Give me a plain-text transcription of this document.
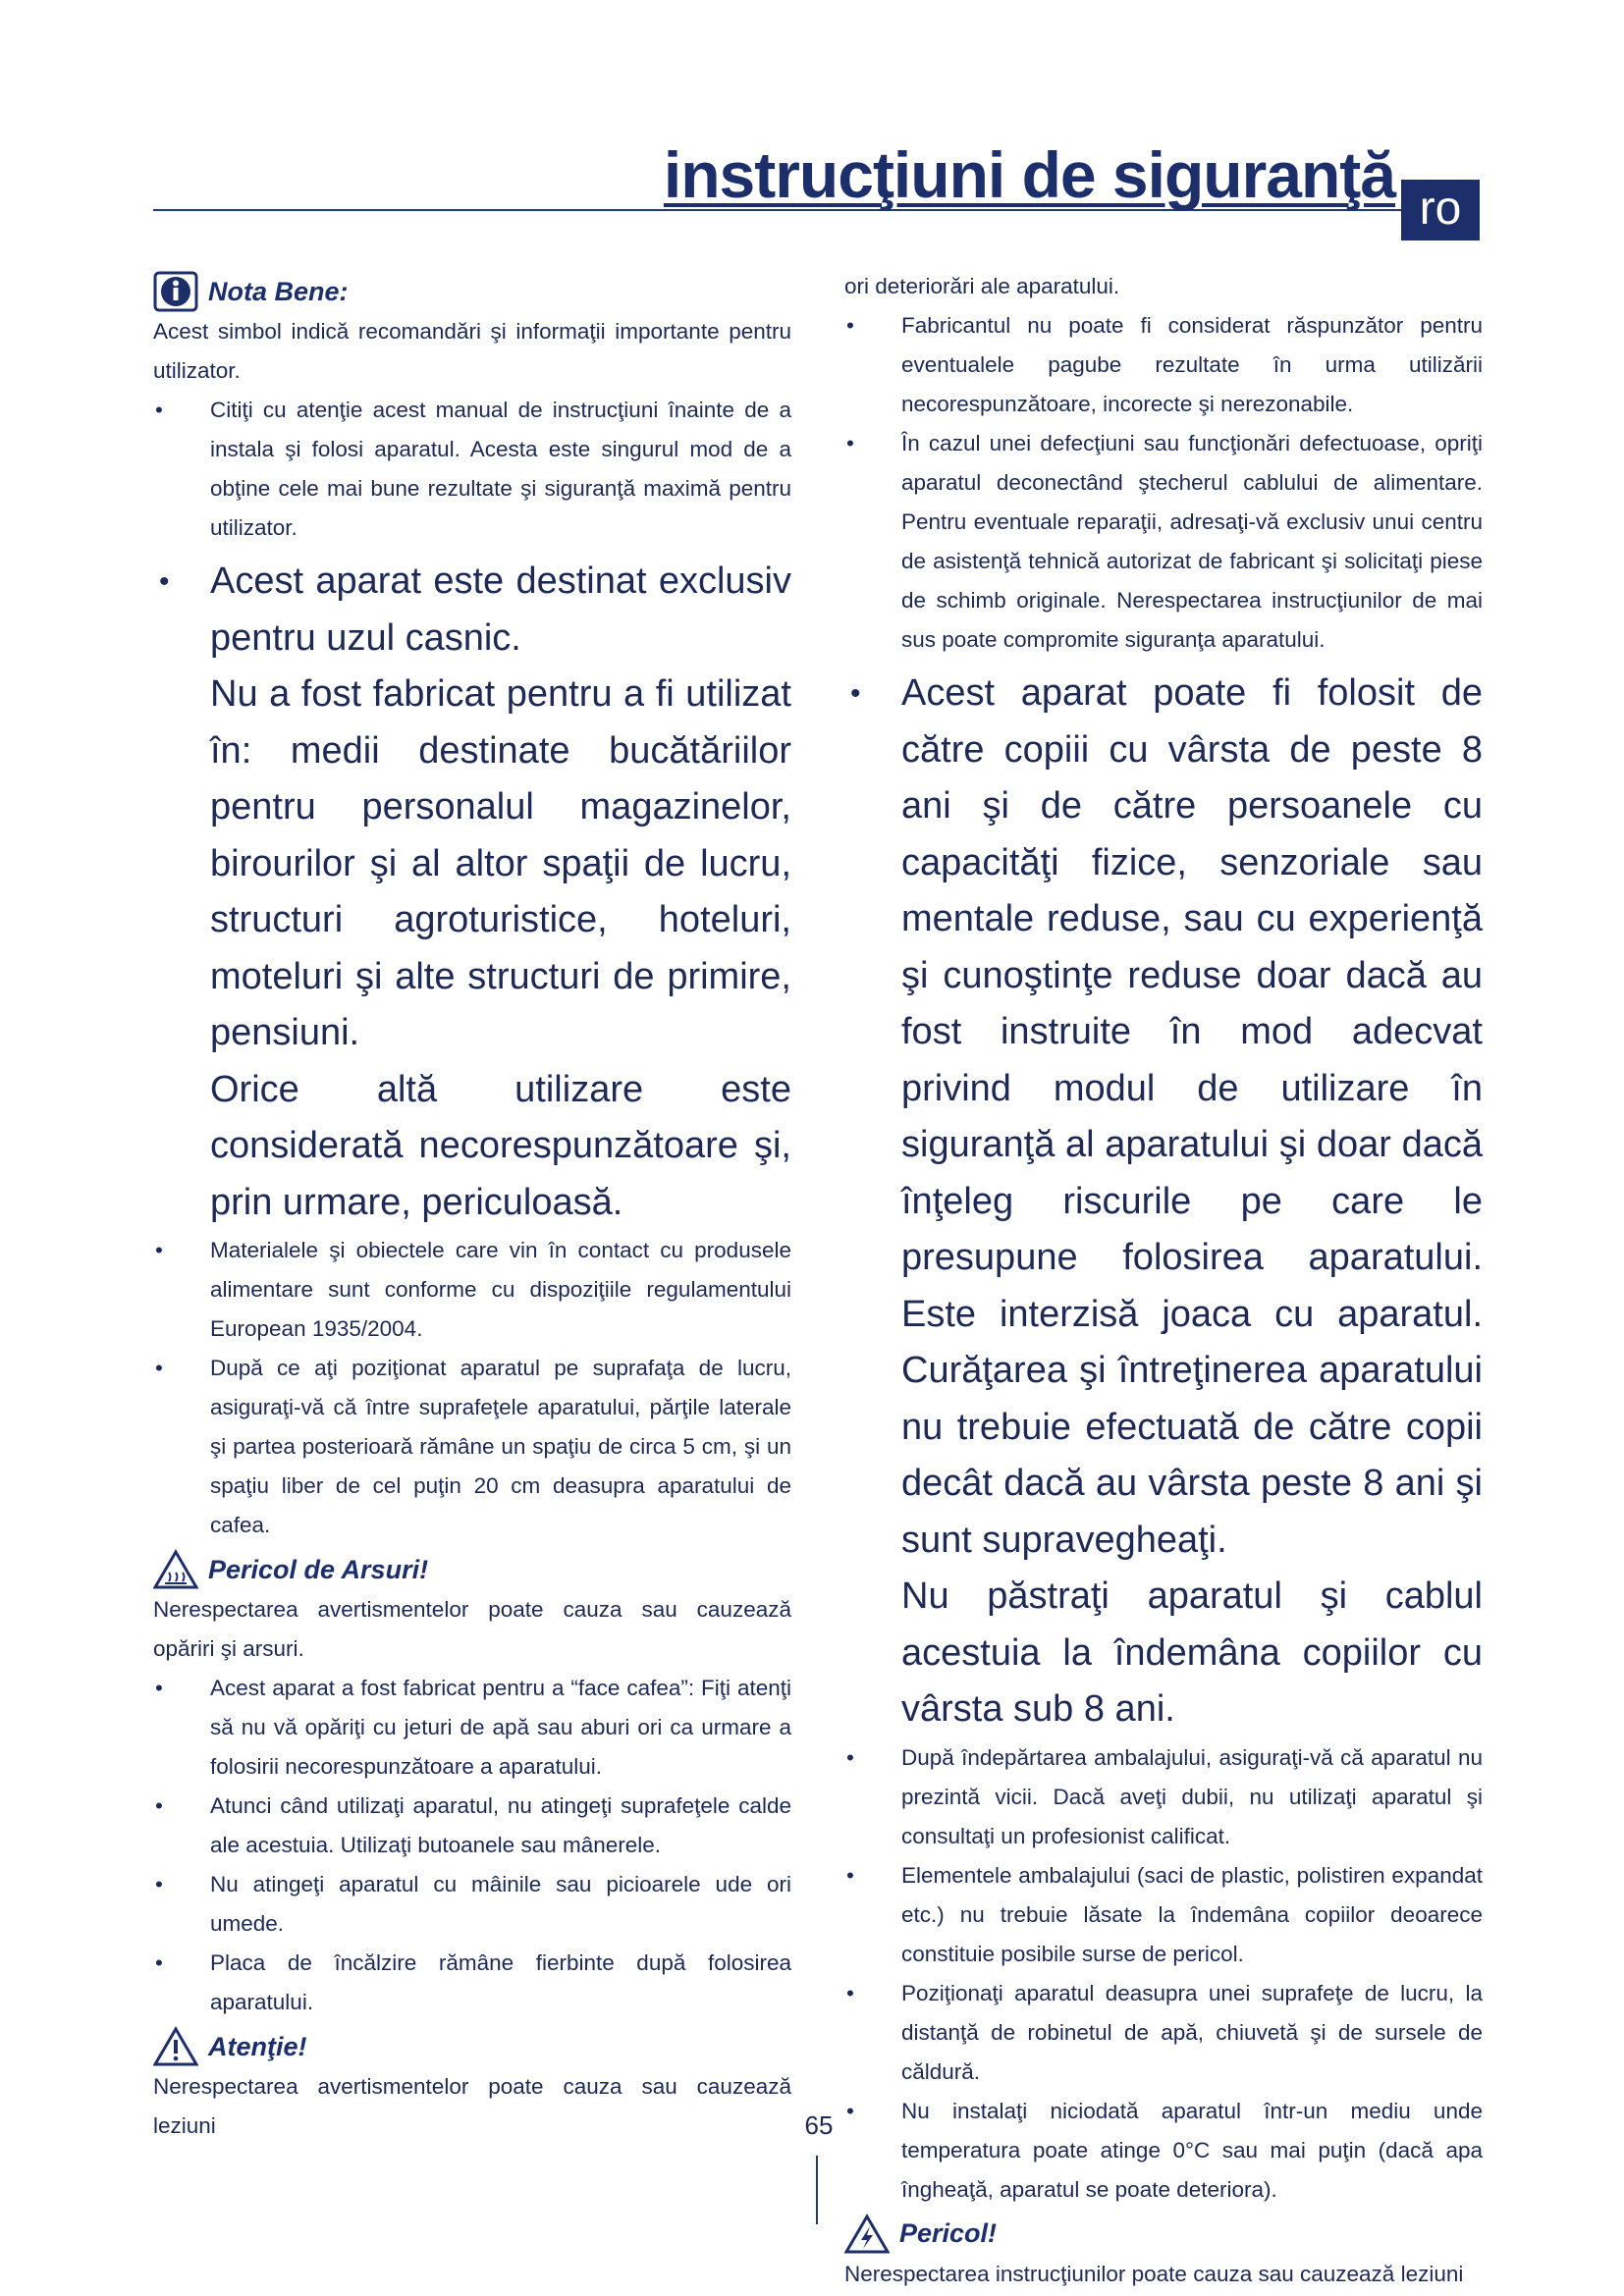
instrucţiuni de siguranţă ro
Nota Bene:
Acest simbol indică recomandări şi informaţii importante pentru utilizator.
• Citiţi cu atenţie acest manual de instrucţiuni înainte de a instala şi folosi aparatul. Acesta este singurul mod de a obţine cele mai bune rezultate şi siguranţă maximă pentru utilizator.
• Acest aparat este destinat exclusiv pentru uzul casnic.
Nu a fost fabricat pentru a fi utilizat în: medii destinate bucătăriilor pentru personalul magazinelor, birourilor şi al altor spaţii de lucru, structuri agroturistice, hoteluri, moteluri şi alte structuri de primire, pensiuni.
Orice altă utilizare este considerată necorespunzătoare şi, prin urmare, periculoasă.
• Materialele şi obiectele care vin în contact cu produsele alimentare sunt conforme cu dispoziţiile regulamentului European 1935/2004.
• După ce aţi poziţionat aparatul pe suprafaţa de lucru, asiguraţi-vă că între suprafeţele aparatului, părţile laterale şi partea posterioară rămâne un spaţiu de circa 5 cm, şi un spaţiu liber de cel puţin 20 cm deasupra aparatului de cafea.
Pericol de Arsuri!
Nerespectarea avertismentelor poate cauza sau cauzează opăriri şi arsuri.
• Acest aparat a fost fabricat pentru a “face cafea”: Fiţi atenţi să nu vă opăriţi cu jeturi de apă sau aburi ori ca urmare a folosirii necorespunzătoare a aparatului.
• Atunci când utilizaţi aparatul, nu atingeţi suprafeţele calde ale acestuia. Utilizaţi butoanele sau mânerele.
• Nu atingeţi aparatul cu mâinile sau picioarele ude ori umede.
• Placa de încălzire rămâne fierbinte după folosirea aparatului.
Atenţie!
Nerespectarea avertismentelor poate cauza sau cauzează leziuni
ori deteriorări ale aparatului.
• Fabricantul nu poate fi considerat răspunzător pentru eventualele pagube rezultate în urma utilizării necorespunzătoare, incorecte şi nerezonabile.
• În cazul unei defecţiuni sau funcţionări defectuoase, opriţi aparatul deconectând ştecherul cablului de alimentare. Pentru eventuale reparaţii, adresaţi-vă exclusiv unui centru de asistenţă tehnică autorizat de fabricant şi solicitaţi piese de schimb originale. Nerespectarea instrucţiunilor de mai sus poate compromite siguranţa aparatului.
• Acest aparat poate fi folosit de către copiii cu vârsta de peste 8 ani şi de către persoanele cu capacităţi fizice, senzoriale sau mentale reduse, sau cu experienţă şi cunoştinţe reduse doar dacă au fost instruite în mod adecvat privind modul de utilizare în siguranţă al aparatului şi doar dacă înţeleg riscurile pe care le presupune folosirea aparatului. Este interzisă joaca cu aparatul. Curăţarea şi întreţinerea aparatului nu trebuie efectuată de către copii decât dacă au vârsta peste 8 ani şi sunt supravegheaţi.
Nu păstraţi aparatul şi cablul acestuia la îndemâna copiilor cu vârsta sub 8 ani.
• După îndepărtarea ambalajului, asiguraţi-vă că aparatul nu prezintă vicii. Dacă aveţi dubii, nu utilizaţi aparatul şi consultaţi un profesionist calificat.
• Elementele ambalajului (saci de plastic, polistiren expandat etc.) nu trebuie lăsate la îndemâna copiilor deoarece constituie posibile surse de pericol.
• Poziţionaţi aparatul deasupra unei suprafeţe de lucru, la distanţă de robinetul de apă, chiuvetă şi de sursele de căldură.
• Nu instalaţi niciodată aparatul într-un mediu unde temperatura poate atinge 0°C sau mai puţin (dacă apa îngheaţă, aparatul se poate deteriora).
Pericol!
Nerespectarea instrucţiunilor poate cauza sau cauzează leziuni
65
